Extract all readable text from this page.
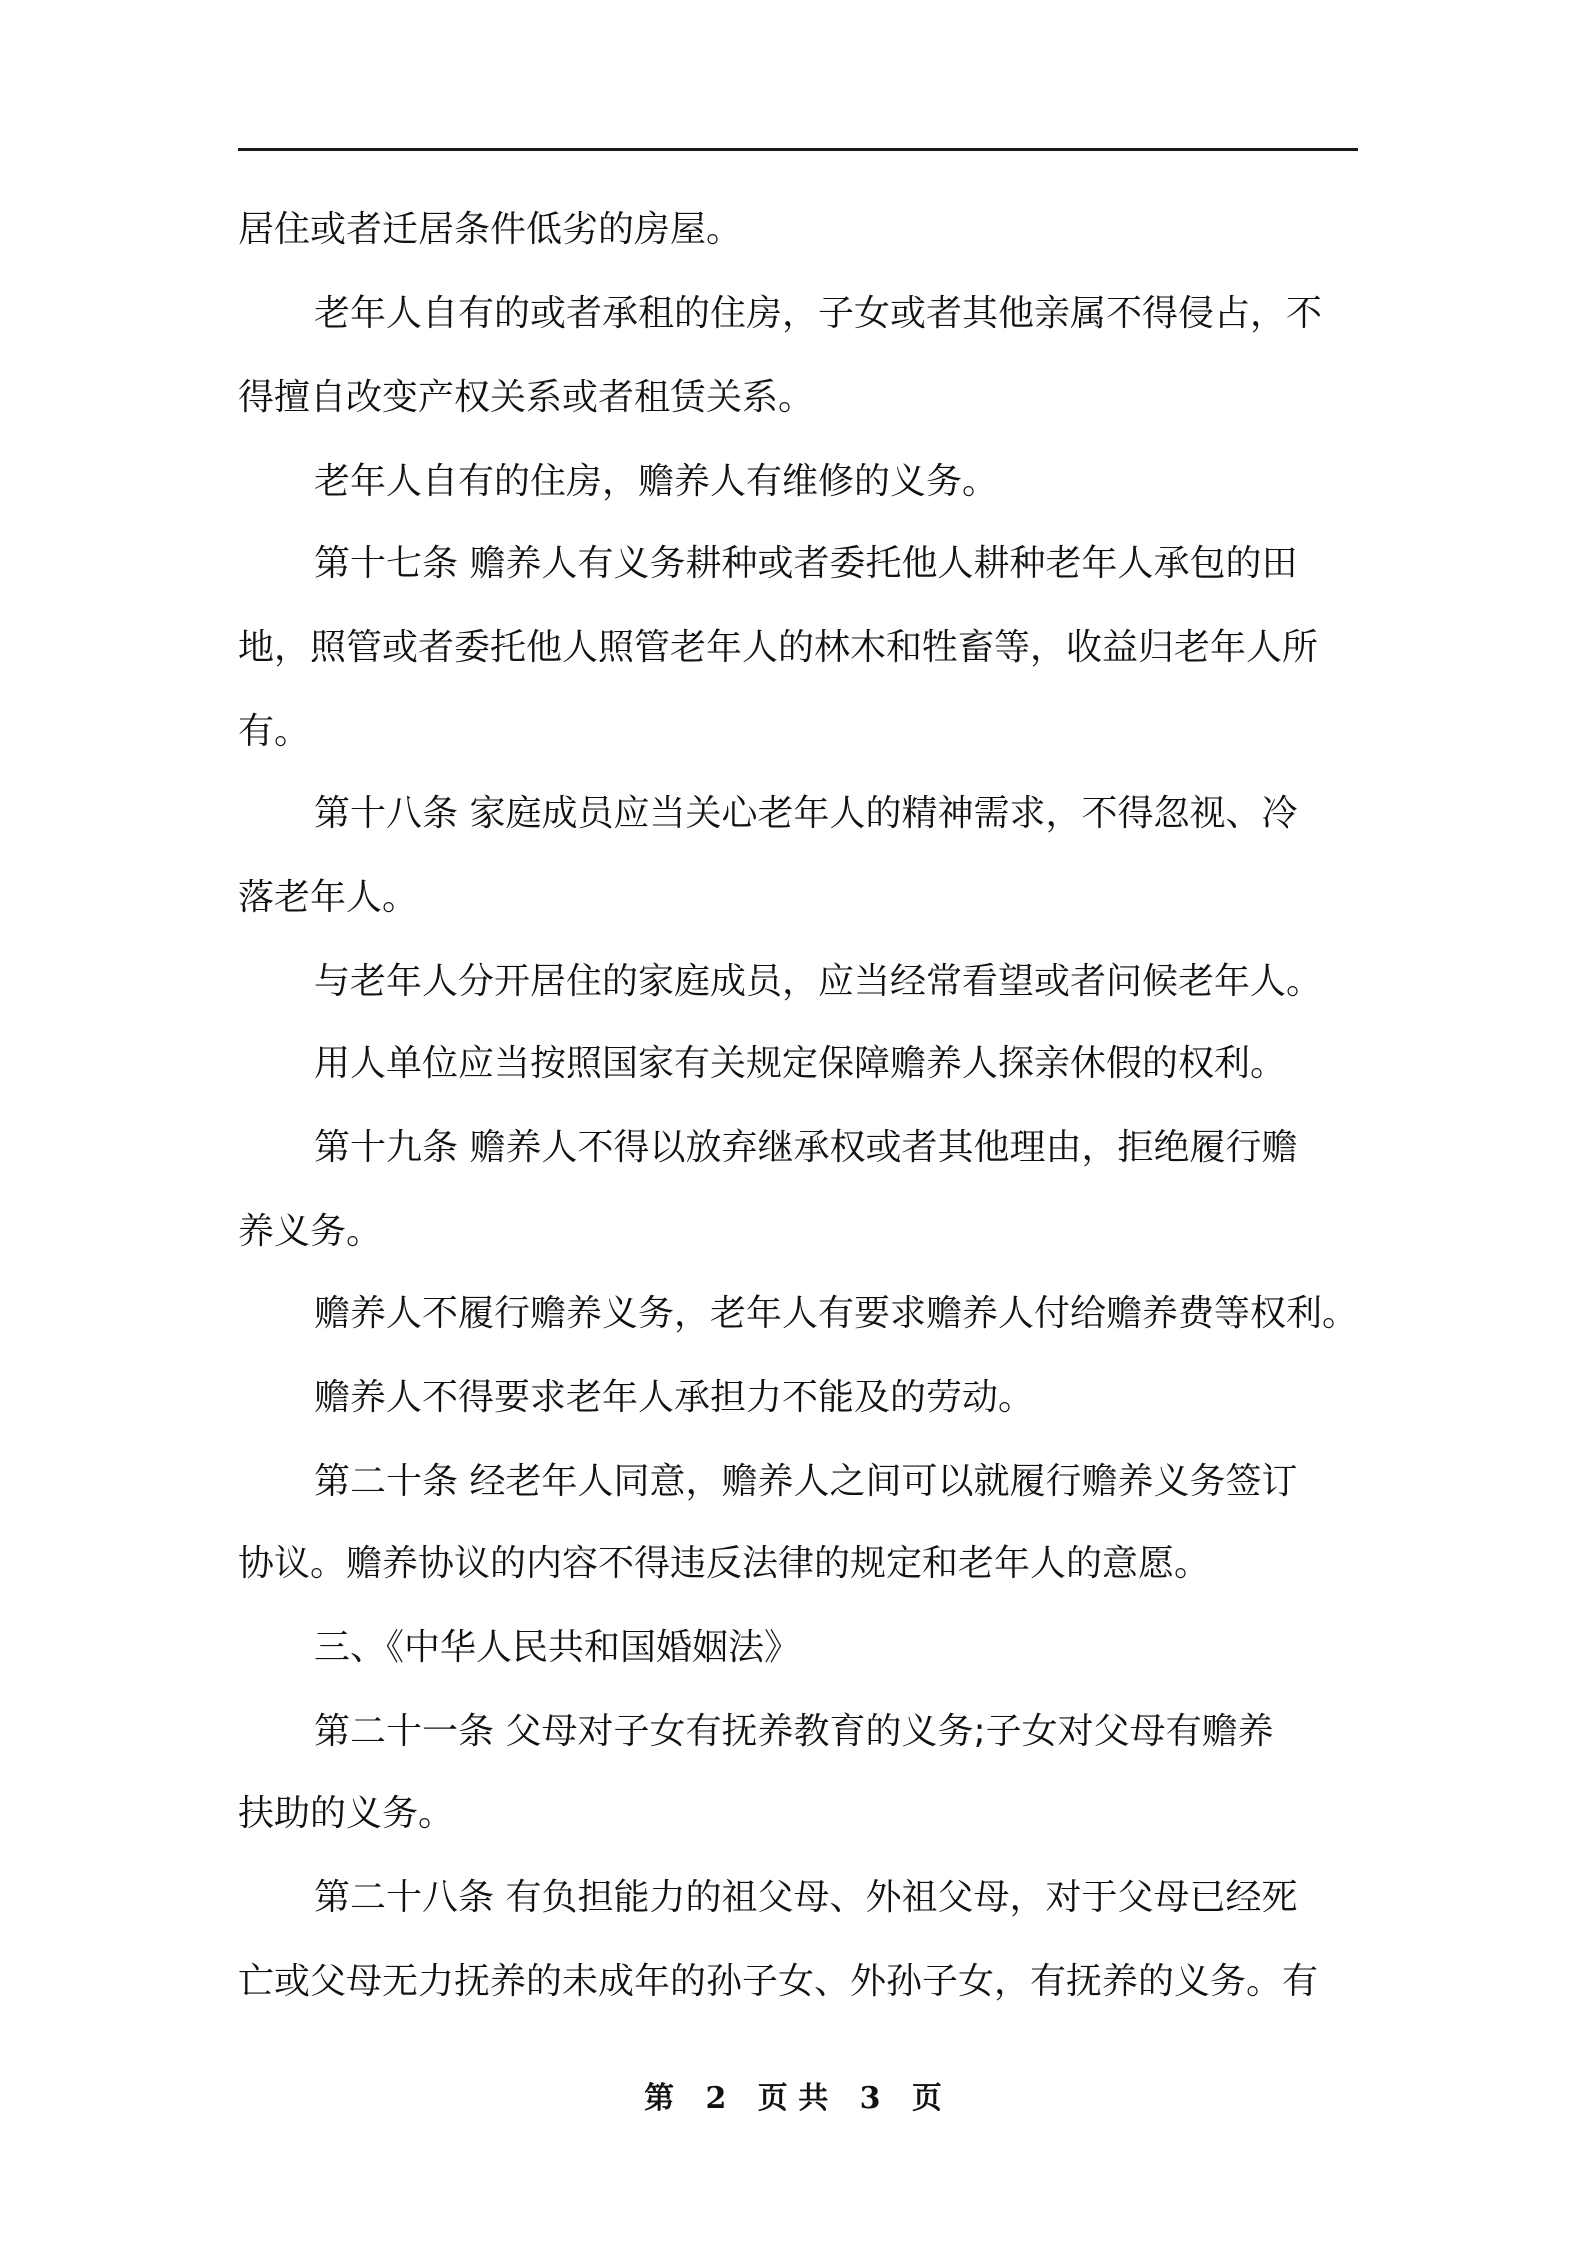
居住或者迁居条件低劣的房屋。
老年人自有的或者承租的住房，子女或者其他亲属不得侵占，不
得擅自改变产权关系或者租赁关系。
老年人自有的住房，赡养人有维修的义务。
第十七条 赡养人有义务耕种或者委托他人耕种老年人承包的田
地，照管或者委托他人照管老年人的林木和牲畜等，收益归老年人所
有。
第十八条 家庭成员应当关心老年人的精神需求，不得忽视、冷
落老年人。
与老年人分开居住的家庭成员，应当经常看望或者问候老年人。
用人单位应当按照国家有关规定保障赡养人探亲休假的权利。
第十九条 赡养人不得以放弃继承权或者其他理由，拒绝履行赡
养义务。
赡养人不履行赡养义务，老年人有要求赡养人付给赡养费等权利。
赡养人不得要求老年人承担力不能及的劳动。
第二十条 经老年人同意，赡养人之间可以就履行赡养义务签订
协议。赡养协议的内容不得违反法律的规定和老年人的意愿。
三、《中华人民共和国婚姻法》
第二十一条 父母对子女有抚养教育的义务;子女对父母有赡养
扶助的义务。
第二十八条 有负担能力的祖父母、外祖父母，对于父母已经死
亡或父母无力抚养的未成年的孙子女、外孙子女，有抚养的义务。有
第 2 页 共 3 页
